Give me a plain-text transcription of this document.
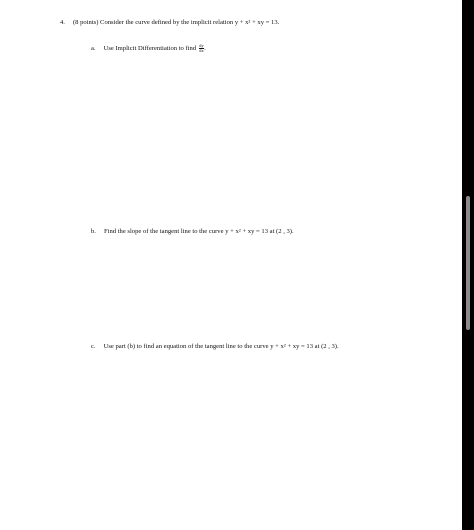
4. (8 points) Consider the curve defined by the implicit relation y + x² + xy = 13.
a. Use Implicit Differentiation to find $\frac{dy}{dx}$ .
b. Find the slope of the tangent line to the curve y + x² + xy = 13 at (2 , 3).
c. Use part (b) to find an equation of the tangent line to the curve y + x² + xy = 13 at (2 , 3).
